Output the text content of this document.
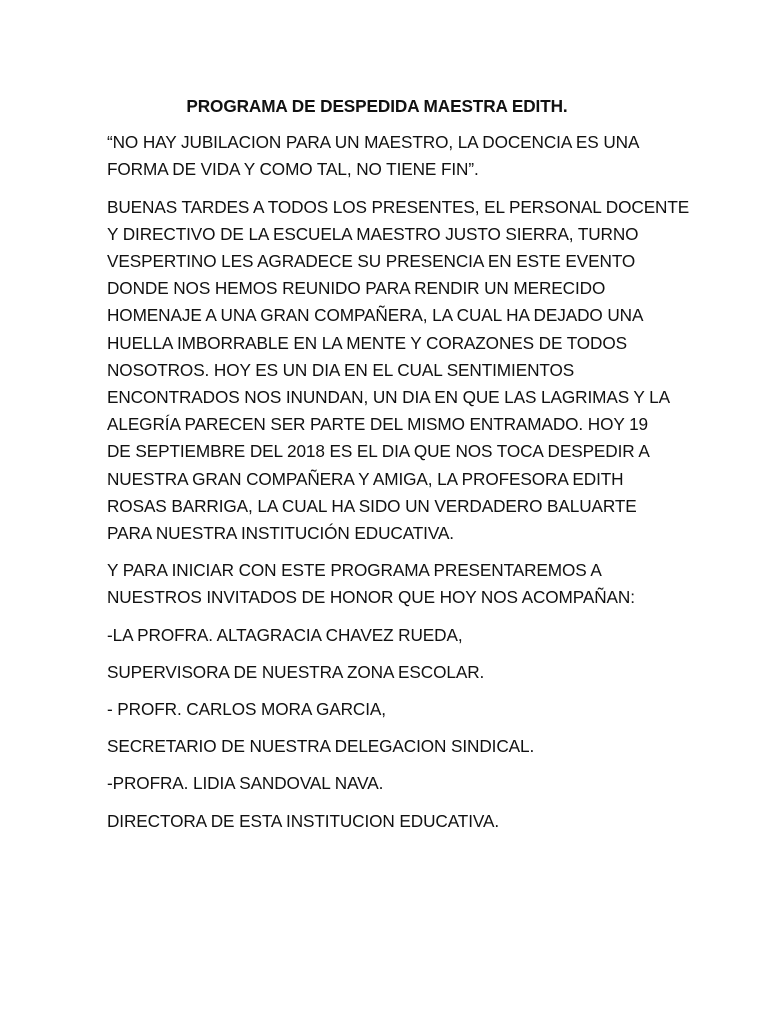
PROGRAMA DE DESPEDIDA MAESTRA EDITH.
“NO HAY JUBILACION PARA UN MAESTRO, LA DOCENCIA ES UNA
FORMA DE VIDA Y COMO TAL, NO TIENE FIN”.
BUENAS TARDES A TODOS LOS PRESENTES, EL PERSONAL DOCENTE
Y DIRECTIVO DE LA ESCUELA MAESTRO JUSTO SIERRA, TURNO
VESPERTINO LES AGRADECE SU PRESENCIA EN ESTE EVENTO
DONDE NOS HEMOS REUNIDO PARA RENDIR UN MERECIDO
HOMENAJE A UNA GRAN COMPAÑERA, LA CUAL HA DEJADO UNA
HUELLA IMBORRABLE EN LA MENTE Y CORAZONES DE TODOS
NOSOTROS. HOY ES UN DIA EN EL CUAL SENTIMIENTOS
ENCONTRADOS NOS INUNDAN, UN DIA EN QUE LAS LAGRIMAS Y LA
ALEGRÍA PARECEN SER PARTE DEL MISMO ENTRAMADO. HOY 19
DE SEPTIEMBRE DEL 2018 ES EL DIA QUE NOS TOCA DESPEDIR A
NUESTRA GRAN COMPAÑERA Y AMIGA, LA PROFESORA EDITH
ROSAS BARRIGA, LA CUAL HA SIDO UN VERDADERO BALUARTE
PARA NUESTRA INSTITUCIÓN EDUCATIVA.
Y PARA INICIAR CON ESTE PROGRAMA PRESENTAREMOS A
NUESTROS INVITADOS DE HONOR QUE HOY NOS ACOMPAÑAN:
-LA PROFRA. ALTAGRACIA CHAVEZ RUEDA,
SUPERVISORA DE NUESTRA ZONA ESCOLAR.
- PROFR. CARLOS MORA GARCIA,
SECRETARIO DE NUESTRA DELEGACION SINDICAL.
-PROFRA. LIDIA SANDOVAL NAVA.
DIRECTORA DE ESTA INSTITUCION EDUCATIVA.
